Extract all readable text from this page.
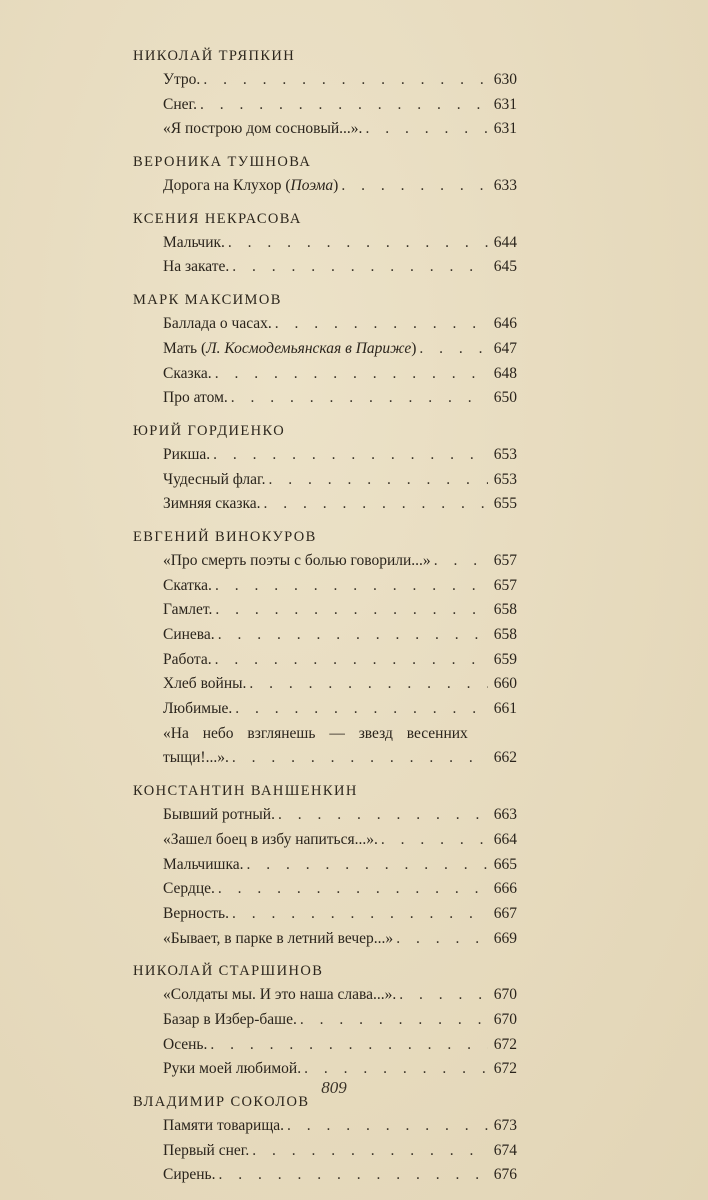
НИКОЛАЙ ТРЯПКИН
Утро. . . .	630
Снег. . . .	631
«Я построю дом сосновый...». . . .	631
ВЕРОНИКА ТУШНОВА
Дорога на Клухор (Поэма) . . .	633
КСЕНИЯ НЕКРАСОВА
Мальчик. . . .	644
На закате. . . .	645
МАРК МАКСИМОВ
Баллада о часах. . . .	646
Мать (Л. Космодемьянская в Париже) . . .	647
Сказка. . . .	648
Про атом. . . .	650
ЮРИЙ ГОРДИЕНКО
Рикша. . . .	653
Чудесный флаг. . . .	653
Зимняя сказка. . . .	655
ЕВГЕНИЙ ВИНОКУРОВ
«Про смерть поэты с болью говорили...» . . .	657
Скатка. . . .	657
Гамлет. . . .	658
Синева. . . .	658
Работа. . . .	659
Хлеб войны. . . .	660
Любимые. . . .	661
«На небо взглянешь — звезд весенних
тыщи!...». . . .	662
КОНСТАНТИН ВАНШЕНКИН
Бывший ротный. . . .	663
«Зашел боец в избу напиться...». . . .	664
Мальчишка. . . .	665
Сердце. . . .	666
Верность. . . .	667
«Бывает, в парке в летний вечер...» . . .	669
НИКОЛАЙ СТАРШИНОВ
«Солдаты мы. И это наша слава...». . . .	670
Базар в Избер-баше. . . .	670
Осень. . . .	672
Руки моей любимой. . . .	672
ВЛАДИМИР СОКОЛОВ
Памяти товарища. . . .	673
Первый снег. . . .	674
Сирень. . . .	676
809
